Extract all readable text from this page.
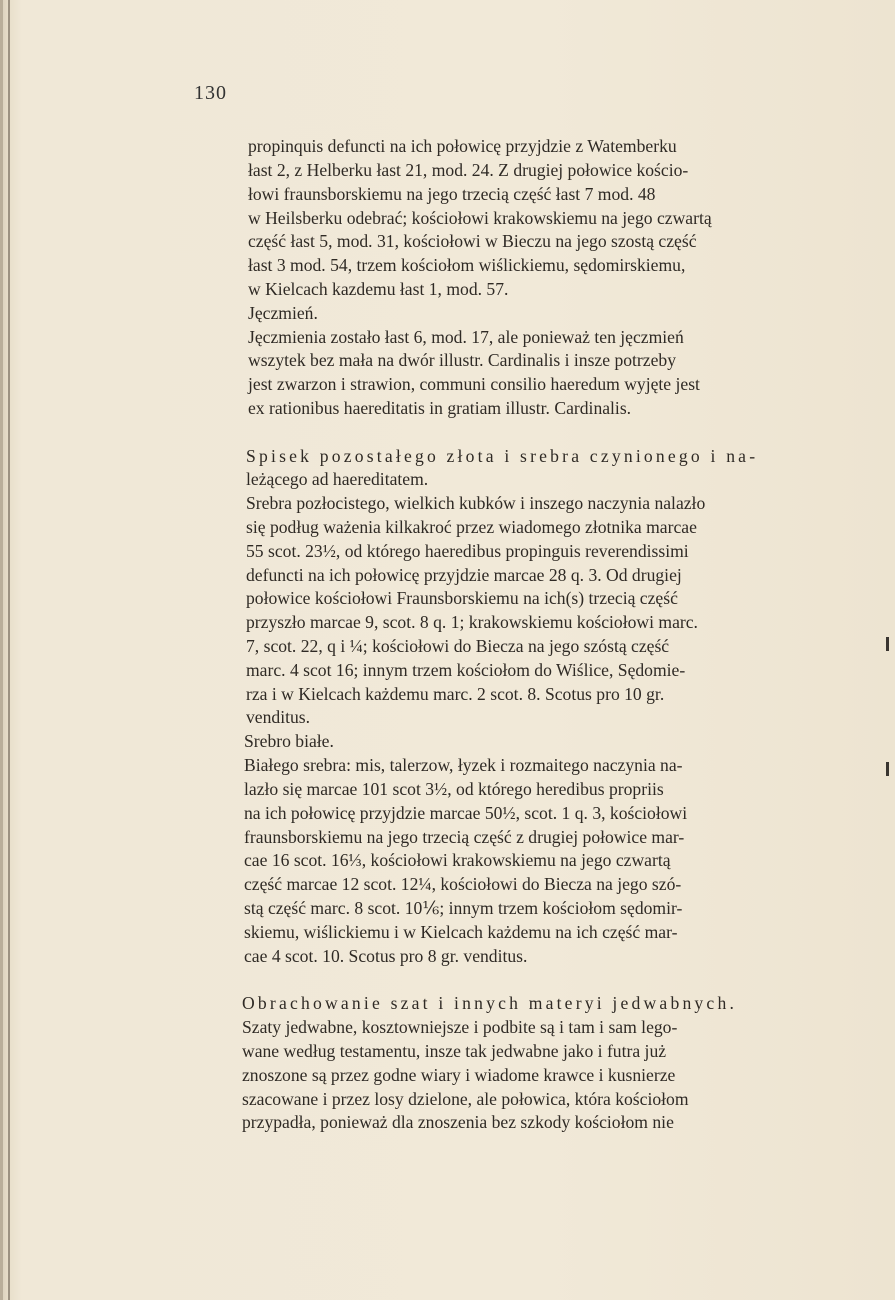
130
propinquis defuncti na ich połowicę przyjdzie z Watemberku
łast 2, z Helberku łast 21, mod. 24. Z drugiej połowice kościo-
łowi fraunsborskiemu na jego trzecią część łast 7 mod. 48
w Heilsberku odebrać; kościołowi krakowskiemu na jego czwartą
część łast 5, mod. 31, kościołowi w Bieczu na jego szostą część
łast 3 mod. 54, trzem kościołom wiślickiemu, sędomirskiemu,
w Kielcach kazdemu łast 1, mod. 57.
Jęczmień.
Jęczmienia zostało łast 6, mod. 17, ale ponieważ ten jęczmień
wszytek bez mała na dwór illustr. Cardinalis i insze potrzeby
jest zwarzon i strawion, communi consilio haeredum wyjęte jest
ex rationibus haereditatis in gratiam illustr. Cardinalis.
Spisek pozostałego złota i srebra czynionego i na-
leżącego ad haereditatem.
Srebra pozłocistego, wielkich kubków i inszego naczynia nalazło
się podług ważenia kilkakroć przez wiadomego złotnika marcae
55 scot. 23½, od którego haeredibus propinguis reverendissimi
defuncti na ich połowicę przyjdzie marcae 28 q. 3. Od drugiej
połowice kościołowi Fraunsborskiemu na ich(s) trzecią część
przyszło marcae 9, scot. 8 q. 1; krakowskiemu kościołowi marc.
7, scot. 22, q i ¼; kościołowi do Biecza na jego szóstą część
marc. 4 scot 16; innym trzem kościołom do Wiślice, Sędomie-
rza i w Kielcach każdemu marc. 2 scot. 8. Scotus pro 10 gr.
venditus.
Srebro białe.
Białego srebra: mis, talerzow, łyzek i rozmaitego naczynia na-
lazło się marcae 101 scot 3½, od którego heredibus propriis
na ich połowicę przyjdzie marcae 50½, scot. 1 q. 3, kościołowi
fraunsborskiemu na jego trzecią część z drugiej połowice mar-
cae 16 scot. 16⅓, kościołowi krakowskiemu na jego czwartą
część marcae 12 scot. 12¼, kościołowi do Biecza na jego szó-
stą część marc. 8 scot. 10⅙; innym trzem kościołom sędomir-
skiemu, wiślickiemu i w Kielcach każdemu na ich część mar-
cae 4 scot. 10. Scotus pro 8 gr. venditus.
Obrachowanie szat i innych materyi jedwabnych.
Szaty jedwabne, kosztowniejsze i podbite są i tam i sam lego-
wane według testamentu, insze tak jedwabne jako i futra już
znoszone są przez godne wiary i wiadome krawce i kusnierze
szacowane i przez losy dzielone, ale połowica, która kościołom
przypadła, ponieważ dla znoszenia bez szkody kościołom nie
